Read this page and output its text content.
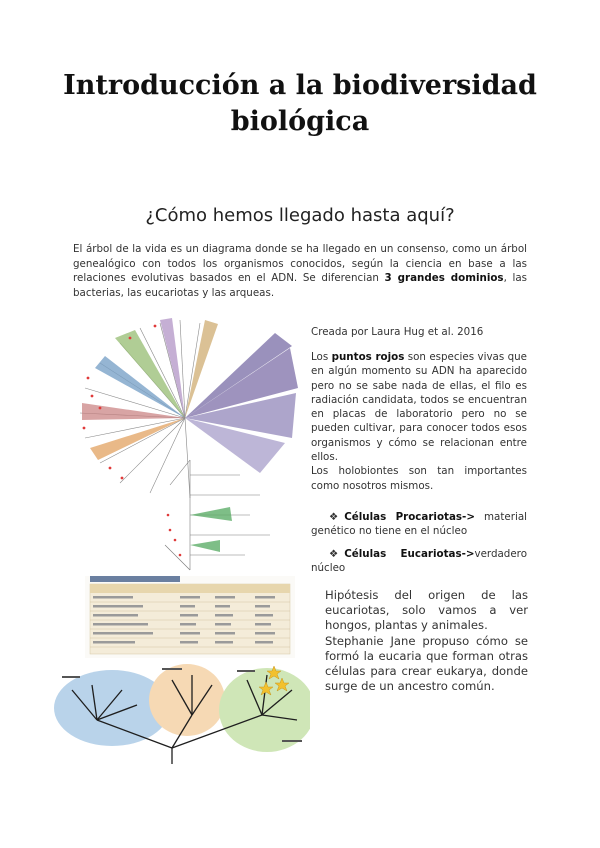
Introducción a la biodiversidad
biológica
¿Cómo hemos llegado hasta aquí?
El árbol de la vida es un diagrama donde se ha llegado en un consenso, como un árbol genealógico con todos los organismos conocidos, según la ciencia en base a las relaciones evolutivas basados en el ADN. Se diferencian 3 grandes dominios, las bacterias, las eucariotas y las arqueas.
Creada por Laura Hug et al. 2016
Los puntos rojos son especies vivas que en algún momento su ADN ha aparecido pero no se sabe nada de ellas, el filo es radiación candidata, todos se encuentran en placas de laboratorio pero no se pueden cultivar, para conocer todos esos organismos y cómo se relacionan entre ellos.
Los holobiontes son tan importantes como nosotros mismos.
❖ Células Procariotas-> material genético no tiene en el núcleo
❖ Células Eucariotas->verdadero núcleo
Hipótesis del origen de las eucariotas, solo vamos a ver hongos, plantas y animales.
Stephanie Jane propuso cómo se formó la eucaria que forman otras células para crear eukarya, donde surge de un ancestro común.
